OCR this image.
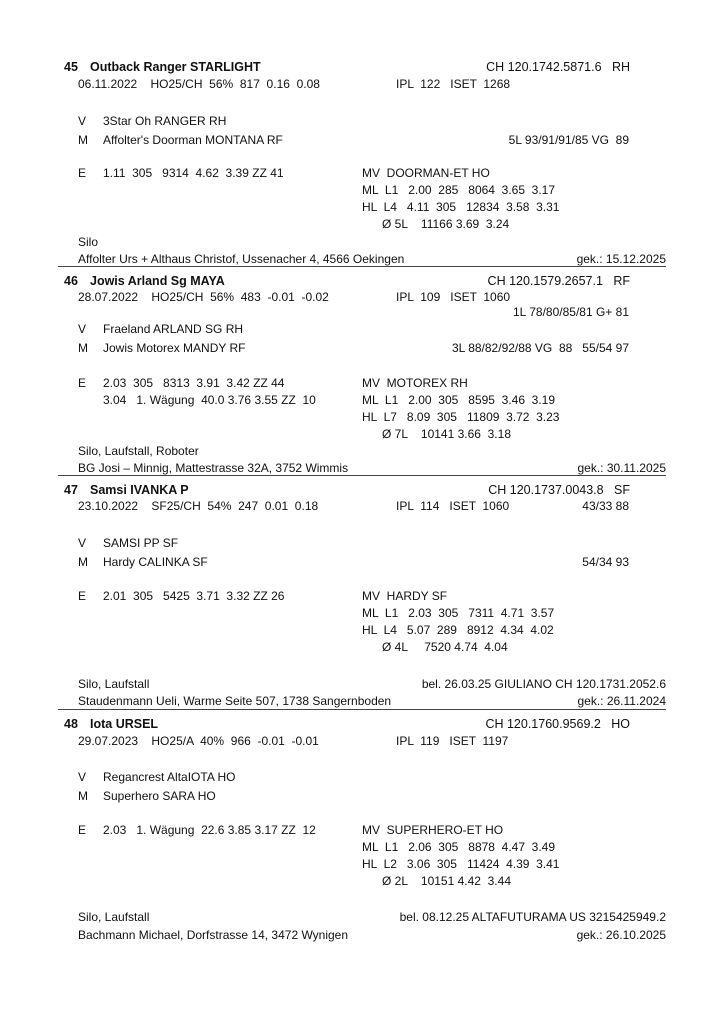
45 Outback Ranger STARLIGHT	CH 120.1742.5871.6   RH
06.11.2022    HO25/CH  56%  817  0.16  0.08	IPL  122   ISET  1268
V 3Star Oh RANGER RH
M Affolter's Doorman MONTANA RF	5L 93/91/91/85 VG  89
E 1.11  305   9314  4.62  3.39 ZZ 41	MV  DOORMAN-ET HO
ML  L1   2.00  285   8064  3.65  3.17
HL  L4   4.11  305   12834  3.58  3.31
Ø 5L    11166 3.69  3.24
Silo
Affolter Urs + Althaus Christof, Ussenacher 4, 4566 Oekingen	gek.: 15.12.2025
46 Jowis Arland Sg MAYA	CH 120.1579.2657.1   RF
28.07.2022    HO25/CH  56%  483  -0.01  -0.02	IPL  109   ISET  1060
1L 78/80/85/81 G+ 81
V Fraeland ARLAND SG RH
M Jowis Motorex MANDY RF	3L 88/82/92/88 VG  88   55/54 97
E 2.03  305   8313  3.91  3.42 ZZ 44
3.04   1. Wägung  40.0 3.76 3.55 ZZ  10
MV  MOTOREX RH
ML  L1   2.00  305   8595  3.46  3.19
HL  L7   8.09  305   11809  3.72  3.23
Ø 7L    10141 3.66  3.18
Silo, Laufstall, Roboter
BG Josi – Minnig, Mattestrasse 32A, 3752 Wimmis	gek.: 30.11.2025
47 Samsi IVANKA P	CH 120.1737.0043.8   SF
23.10.2022    SF25/CH  54%  247  0.01  0.18	IPL  114   ISET  1060	43/33 88
V SAMSI PP SF
M Hardy CALINKA SF	54/34 93
E 2.01  305   5425  3.71  3.32 ZZ 26	MV  HARDY SF
ML  L1   2.03  305   7311  4.71  3.57
HL  L4   5.07  289   8912  4.34  4.02
Ø 4L     7520 4.74  4.04
Silo, Laufstall	bel. 26.03.25 GIULIANO CH 120.1731.2052.6
Staudenmann Ueli, Warme Seite 507, 1738 Sangernboden	gek.: 26.11.2024
48 Iota URSEL	CH 120.1760.9569.2   HO
29.07.2023    HO25/A  40%  966  -0.01  -0.01	IPL  119   ISET  1197
V Regancrest AltaIOTA HO
M Superhero SARA HO
E 2.03   1. Wägung  22.6 3.85 3.17 ZZ  12	MV  SUPERHERO-ET HO
ML  L1   2.06  305   8878  4.47  3.49
HL  L2   3.06  305   11424  4.39  3.41
Ø 2L    10151 4.42  3.44
Silo, Laufstall	bel. 08.12.25 ALTAFUTURAMA US 3215425949.2
Bachmann Michael, Dorfstrasse 14, 3472 Wynigen	gek.: 26.10.2025
